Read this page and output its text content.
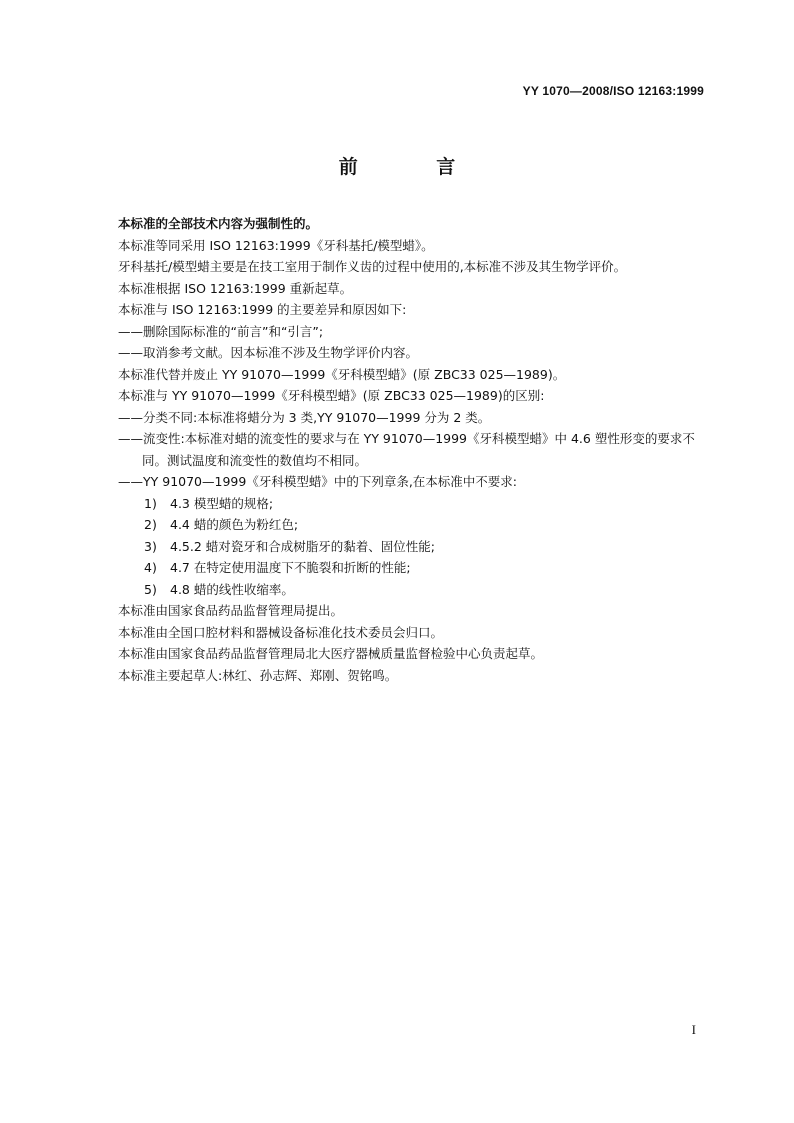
YY 1070—2008/ISO 12163:1999
前 言
本标准的全部技术内容为强制性的。
本标准等同采用 ISO 12163:1999《牙科基托/模型蜡》。
牙科基托/模型蜡主要是在技工室用于制作义齿的过程中使用的,本标准不涉及其生物学评价。
本标准根据 ISO 12163:1999 重新起草。
本标准与 ISO 12163:1999 的主要差异和原因如下:
——删除国际标准的“前言”和“引言”;
——取消参考文献。因本标准不涉及生物学评价内容。
本标准代替并废止 YY 91070—1999《牙科模型蜡》(原 ZBC33 025—1989)。
本标准与 YY 91070—1999《牙科模型蜡》(原 ZBC33 025—1989)的区别:
——分类不同:本标准将蜡分为 3 类,YY 91070—1999 分为 2 类。
——流变性:本标准对蜡的流变性的要求与在 YY 91070—1999《牙科模型蜡》中 4.6 塑性形变的要求不同。测试温度和流变性的数值均不相同。
——YY 91070—1999《牙科模型蜡》中的下列章条,在本标准中不要求:
1) 4.3 模型蜡的规格;
2) 4.4 蜡的颜色为粉红色;
3) 4.5.2 蜡对瓷牙和合成树脂牙的黏着、固位性能;
4) 4.7 在特定使用温度下不脆裂和折断的性能;
5) 4.8 蜡的线性收缩率。
本标准由国家食品药品监督管理局提出。
本标准由全国口腔材料和器械设备标准化技术委员会归口。
本标准由国家食品药品监督管理局北大医疗器械质量监督检验中心负责起草。
本标准主要起草人:林红、孙志辉、郑刚、贺铭鸣。
I
